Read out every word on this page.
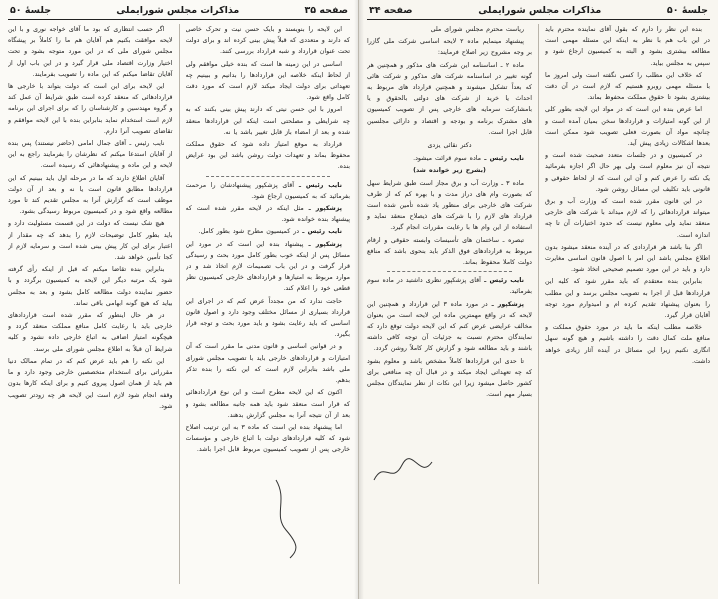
صفحه ۳۵
مذاکرات مجلس شورایملی
جلسهٔ ۵۰

اگر حسب انتظاری که بود ما آقای خواجه نوری و با این لایحه موافقت بکنیم هم آقایان هم ما را کاملاً بر پیشگاه مجلس شورای ملی که در این مورد متوجه بشود و تحت اختیار وزارت اقتصاد ملی قرار گیرد و در این باب اول از آقایان تقاضا میکنم که این ماده را تصویب بفرمایند.

این لایحه برای این است که دولت بتواند با خارجی ها قراردادهائی که منعقد کرده است طبق شرایط آن عمل کند و گروه مهندسین و کارشناسان را که برای اجرای این برنامه لازم است استخدام نماید بنابراین بنده با این لایحه موافقم و تقاضای تصویب آنرا دارم.

نایب رئیس ـ آقای جمال امامی (حاضر نیستند) پس بنده از آقایان استدعا میکنم که نظرشان را بفرمایند راجع به این لایحه و این ماده و پیشنهادهائی که رسیده است.

آقایان اطلاع دارند که ما در مرحله اول باید ببینیم که این قراردادها مطابق قانون است یا نه و بعد از آن دولت موظف است که گزارش آنرا به مجلس تقدیم کند تا مورد مطالعه واقع شود و در کمیسیون مربوط رسیدگی بشود.

هیچ شک نیست که دولت در این قسمت مسئولیت دارد و باید بطور کامل توضیحات لازم را بدهد که چه مقدار از اعتبار برای این کار پیش بینی شده است و سرمایه لازم از کجا تأمین خواهد شد.

بنابراین بنده تقاضا میکنم که قبل از اینکه رأی گرفته شود یک مرتبه دیگر این لایحه به کمیسیون برگردد و با حضور نماینده دولت مطالعه کامل بشود و بعد به مجلس بیاید که هیچ گونه ابهامی باقی نماند.

در هر حال اینطور که مقرر شده است قراردادهای خارجی باید با رعایت کامل منافع مملکت منعقد گردد و هیچگونه امتیاز اضافی به اتباع خارجی داده نشود و کلیه شرایط آن قبلاً به اطلاع مجلس شورای ملی برسد.

این نکته را هم باید عرض کنم که در تمام ممالک دنیا مقرراتی برای استخدام متخصصین خارجی وجود دارد و ما هم باید از همان اصول پیروی کنیم و برای اینکه کارها بدون وقفه انجام شود لازم است این لایحه هر چه زودتر تصویب شود.

این لایحه را بنویسند و بایک حسن نیت و تحرک خاصی که دارند و متعددی که قبلاً پیش بینی کرده اند و برای دولت تحت عنوان قرارداد و شبه قرارداد بررسی کنند.

اساسی در این زمینه ها است که بنده خیلی موافقم ولی از لحاظ اینکه خلاصه این قراردادها را بدانیم و ببینیم چه تعهداتی برای دولت ایجاد میکند لازم است که مورد دقت کامل واقع شود.

امروز با این حسن نیتی که دارند پیش بینی بکنند که به چه شرایطی و مصلحتی است اینکه این قراردادها منعقد شده و بعد از امضاء باز قابل تغییر باشد یا نه.

قرارداد به موقع امتیاز داده شود که حقوق مملکت محفوظ بماند و تعهدات دولت روشن باشد این بود عرایض بنده.

نایب رئیس ـ آقای پزشکپور پیشنهادشان را مرحمت بفرمائید که به کمیسیون ارجاع شود.

پزشکپور ـ مثل اینکه در لایحه مقرر شده است که پیشنهاد بنده خوانده شود.

نایب رئیس ـ در کمیسیون مطرح شود بطور کامل.

پزشکپور ـ پیشنهاد بنده این است که در مورد این مسائل پس از اینکه خوب بطور کامل مورد بحث و رسیدگی قرار گرفت و در این باب تصمیمات لازم اتخاذ شد و در موارد مربوط به امتیازها و قراردادهای خارجی کمیسیون نظر قطعی خود را اعلام کند.

حاجت ندارد که من مجدداً عرض کنم که در اجرای این قرارداد بسیاری از مسائل مختلف وجود دارد و اصول قانون اساسی که باید رعایت بشود و باید مورد بحث و توجه قرار بگیرد.

و در قوانین اساسی و قانون مدنی ما مقرر است که آن امتیازات و قراردادهای خارجی باید با تصویب مجلس شورای ملی باشد بنابراین لازم است که این نکته را بنده تذکر بدهم.

اکنون که این لایحه مطرح است و این نوع قراردادهائی که قرار است منعقد شود باید همه جانبه مطالعه بشود و بعد از آن نتیجه آنرا به مجلس گزارش بدهند.

اما پیشنهاد بنده این است که ماده ۳ به این ترتیب اصلاح شود که کلیه قراردادهای دولت با اتباع خارجی و مؤسسات خارجی پس از تصویب کمیسیون مربوط قابل اجرا باشد.

جلسهٔ ۵۰
مذاکرات مجلس شورایملی
صفحه ۳۴

ریاست محترم مجلس شورای ملی

پیشنهاد مینمایم ماده ۲ لایحه اساسی شرکت ملی گازرا بر وجه مشروح زیر اصلاح فرمایند:

ماده ۲ ـ اساسنامه این شرکت های مذکور و همچنین هر گونه تغییر در اساسنامه شرکت های مذکور و شرکت هائی که بعداً تشکیل میشوند و همچنین قرارداد های مربوط به احداث یا خرید از شرکت های دولتی بالحقوق و یا بامشارکت سرمایه های خارجی پس از تصویب کمیسیون های مشترک برنامه و بودجه و اقتصاد و دارائی مجلسین قابل اجرا است.

دکتر نقائی یزدی

نایب رئیس ـ ماده سوم قرائت میشود.

(بشرح زیر خوانده شد)

ماده ۳ ـ وزارت آب و برق مجاز است طبق شرایط سهل که بصورت وام های دراز مدت و با بهره کم که از طرف شرکت های خارجی برای منظور یاد شده تأمین شده است قرارداد های لازم را با شرکت های ذیصلاح منعقد نماید و استفاده از این وام ها با رعایت مقررات انجام گیرد.

تبصره ـ ساختمان های تأسیسات وابسته حقوقی و ارقام مربوط به قراردادهای فوق الذکر باید بنحوی باشد که منافع دولت کاملا محفوظ بماند.

نایب رئیس ـ آقای پزشکپور نظری داشتید در ماده سوم بفرمائید.

پزشکپور ـ در مورد ماده ۳ این قرارداد و همچنین این لایحه که در واقع مهمترین ماده این لایحه است من بعنوان مخالف عرایضی عرض کنم که این لایحه دولت توقع دارد که نمایندگان محترم نسبت به جزئیات آن توجه کافی داشته باشند و باید مطالعه شود و گزارش کار کاملاً روشن گردد.

تا حدی این قراردادها کاملاً مشخص باشد و معلوم بشود که چه تعهداتی ایجاد میکند و در قبال آن چه منافعی برای کشور حاصل میشود زیرا این نکات از نظر نمایندگان مجلس بسیار مهم است.

بنده این نظر را دارم که بقول آقای نماینده محترم باید در این باب هم با نظر به اینکه این مسئله مهمی است مطالعه بیشتری بشود و البته به کمیسیون ارجاع شود و سپس به مجلس بیاید.

که خلاف این مطلب را کسی نگفته است ولی امروز ما با مسئله مهمی روبرو هستیم که لازم است در آن دقت بیشتری بشود تا حقوق مملکت محفوظ بماند.

اما عرض بنده این است که در مواد این لایحه بطور کلی از این گونه امتیازات و قراردادها سخن بمیان آمده است و چنانچه مواد آن بصورت فعلی تصویب شود ممکن است بعدها اشکالات زیادی پیش آید.

در کمیسیون و در جلسات متعدد صحبت شده است و نتیجه آن نیز معلوم است ولی بهر حال اگر اجازه بفرمائید یک نکته را عرض کنم و آن این است که از لحاظ حقوقی و قانونی باید تکلیف این مسائل روشن شود.

در این قانون مقرر شده است که وزارت آب و برق میتواند قراردادهائی را که لازم میداند با شرکت های خارجی منعقد نماید ولی معلوم نیست که حدود اختیارات آن تا چه اندازه است.

اگر بنا باشد هر قراردادی که در آینده منعقد میشود بدون اطلاع مجلس باشد این امر با اصول قانون اساسی مغایرت دارد و باید در این مورد تصمیم صحیحی اتخاذ شود.

بنابراین بنده معتقدم که باید مقرر شود که کلیه این قراردادها قبل از اجرا به تصویب مجلس برسد و این مطلب را بعنوان پیشنهاد تقدیم کرده ام و امیدوارم مورد توجه آقایان قرار گیرد.

خلاصه مطلب اینکه ما باید در مورد حقوق مملکت و منافع ملت کمال دقت را داشته باشیم و هیچ گونه سهل انگاری نکنیم زیرا این مسائل در آینده آثار زیادی خواهد داشت.
